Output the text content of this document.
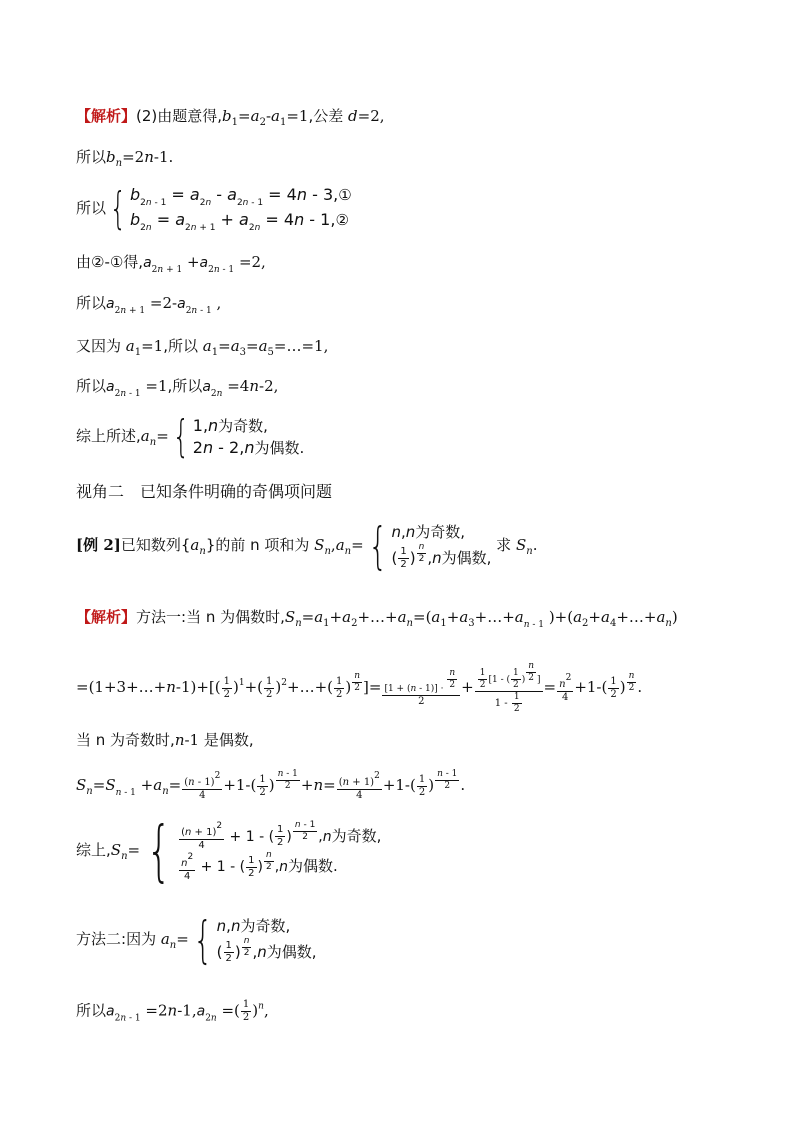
【解析】(2)由题意得$,b_1=a_2-a_1=1$,公差 d=2,
所以$b_n=2n-1$.
所以{ $b_{2n - 1} = a_{2n} - a_{2n - 1} = 4n$ - 3,①
$b_{2n} = a_{2n + 1} + a_{2n} = 4n$ - 1,②
由②-①得$,a_{2n + 1} +a_{2n - 1} =2$,
所以$a_{2n + 1} =2-a_{2n - 1}$ ,
又因为 $a_1=1$,所以 $a_1=a_3=a_5=\dots=1$,
所以$a_{2n - 1} =1$,所以$a_{2n} =4n-2$,
综上所述$,a_n=${ 1,n为奇数,
2n - 2,n为偶数.
视角二　已知条件明确的奇偶项问题
[例 2]已知数列$\{a_n\}$的前 n 项和为 $S_n,a_n=${ n,n为奇数,
( $\frac{1}{2}$ ) $^{\frac{n}{2}}$ ,n为偶数,
求 $S_n$.
【解析】方法一:当 n 为偶数时$,S_n=a_1+a_2+\dots+a_n=(a_1+a_3+\dots+a_{n - 1}$ )$+(a_2+a_4+\dots+a_n)$
=(1+3+…+n-1)+[( $\frac{1}{2} )^1+( \frac{1}{2}$ )$^2+\dots+( \frac{1}{2}$ ) $^{\frac{n}{2}}$ ]= $\frac{[1 + (n - 1)] \cdot \frac{n}{2}}{2} + \frac{1}{2} [1$ - ( $\frac{1}{2}$ ) $^{\frac{n}{2}}$ ]
$1 - \frac{1}{2} = \frac{n^2}{4} +1-( \frac{1}{2}$ ) $^{\frac{n}{2}}$ .
当 n 为奇数时,n-1 是偶数,
$S_n=S_{n - 1} +a_n= \frac{(n - 1)^2}{4} +1-( \frac{1}{2}$ ) $^{\frac{n - 1}{2}} +n= \frac{(n + 1)^2}{4} +1-( \frac{1}{2}$ ) $^{\frac{n - 1}{2}}$ .
综上$,S_n=\{ \frac{(n + 1)^2}{4} + 1$ - ( $\frac{1}{2}$ ) $^{\frac{n - 1}{2}}$ ,n为奇数,
$\frac{n^2}{4} + 1$ - ( $\frac{1}{2}$ ) $^{\frac{n}{2}}$ ,n为偶数.
方法二:因为 $a_n=${ n,n为奇数,
( $\frac{1}{2}$ ) $^{\frac{n}{2}}$ ,n为偶数,
所以$a_{2n - 1} =2n-1,a_{2n}$ =( $\frac{1}{2} )^n$,
